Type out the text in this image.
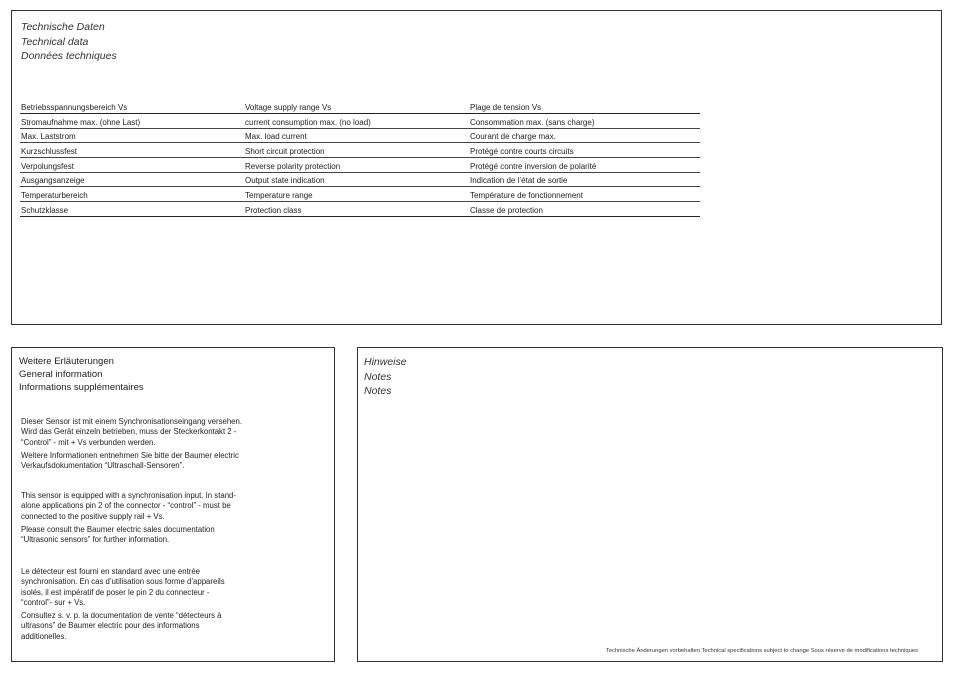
Technische Daten
Technical data
Données techniques
Betriebsspannungsbereich Vs	Voltage supply range Vs	Plage de tension Vs
Stromaufnahme max. (ohne Last)	current consumption max. (no load)	Consommation max. (sans charge)
Max. Laststrom	Max. load current	Courant de charge max.
Kurzschlussfest	Short circuit protection	Protégé contre courts circuits
Verpolungsfest	Reverse polarity protection	Protégé contre inversion de polarité
Ausgangsanzeige	Output state indication	Indication de l’état de sortie
Temperaturbereich	Temperature range	Température de fonctionnement
Schutzklasse	Protection class	Classe de protection
Weitere Erläuterungen
General information
Informations supplémentaires

Dieser Sensor ist mit einem Synchronisationseingang versehen.
Wird das Gerät einzeln betrieben, muss der Steckerkontakt 2 -
“Control” - mit + Vs verbunden werden.

Weitere Informationen entnehmen Sie bitte der Baumer electric
Verkaufsdokumentation “Ultraschall-Sensoren”.

This sensor is equipped with a synchronisation input. In stand-
alone applications pin 2 of the connector - “control” - must be
connected to the positive supply rail + Vs.

Please consult the Baumer electric sales documentation
“Ultrasonic sensors” for further information.

Le détecteur est fourni en standard avec une entrée
synchronisation. En cas d’utilisation sous forme d’appareils
isolés, il est impératif de poser le pin 2 du connecteur -
“control”- sur + Vs.

Consultez s. v. p. la documentation de vente “détecteurs à
ultrasons” de Baumer electric pour des informations
additionelles.

Hinweise
Notes
Notes
Technische Änderungen vorbehalten Technical specifications subject to change Sous réserve de modifications techniques
